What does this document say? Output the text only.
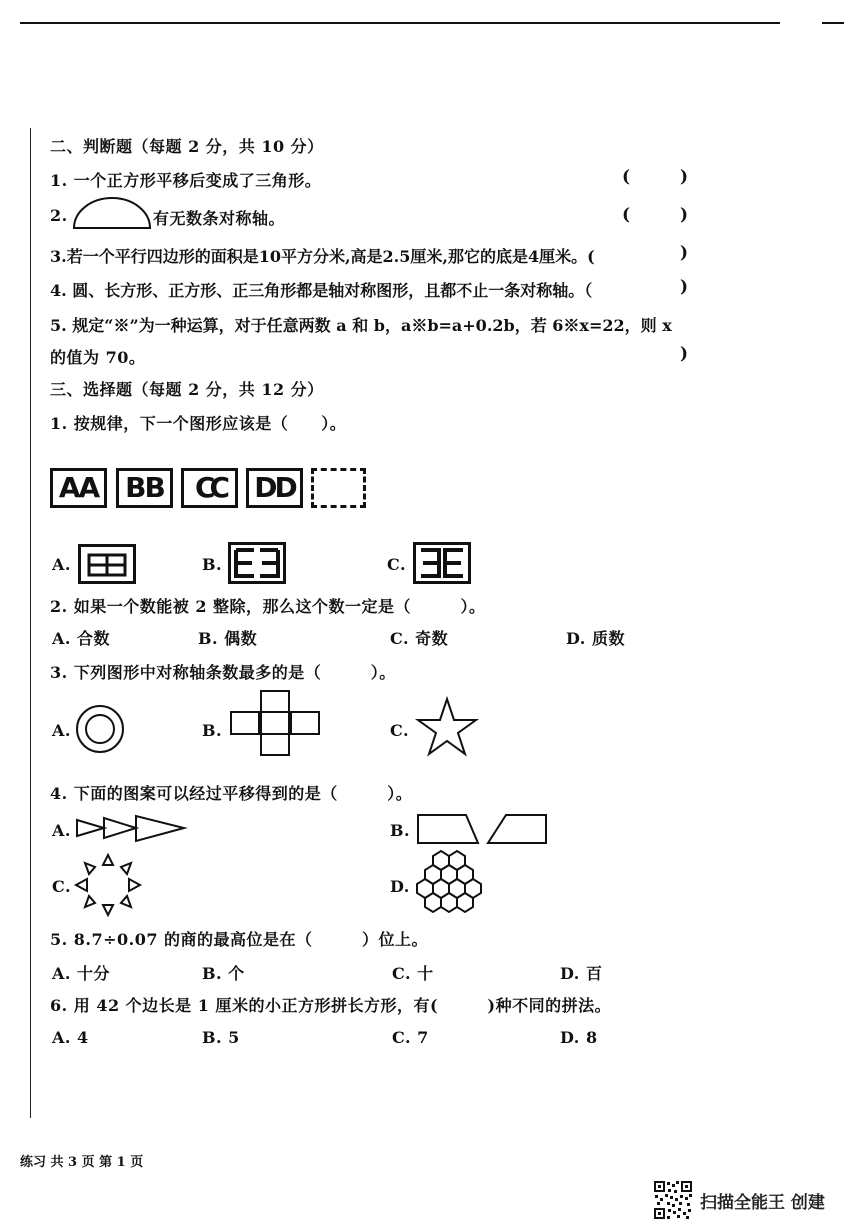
二、判断题（每题 2 分，共 10 分）
1. 一个正方形平移后变成了三角形。	(	)
2.	有无数条对称轴。	(	)
3.若一个平行四边形的面积是10平方分米,高是2.5厘米,那它的底是4厘米。(	)
4. 圆、长方形、正方形、正三角形都是轴对称图形，且都不止一条对称轴。（	)
5. 规定“※”为一种运算，对于任意两数 a 和 b，a※b=a+0.2b，若 6※x=22，则 x
的值为 70。	)
三、选择题（每题 2 分，共 12 分）
1. 按规律，下一个图形应该是（　　）。
AA BB	CC	DD
A.	B.	C.
2. 如果一个数能被 2 整除，那么这个数一定是（　　　）。
A. 合数	B. 偶数	C. 奇数	D. 质数
3. 下列图形中对称轴条数最多的是（　　　）。
A.	B.	C.
4. 下面的图案可以经过平移得到的是（　　　）。
A.	B.
C.	D.
5. 8.7÷0.07 的商的最高位是在（　　　）位上。
A. 十分	B. 个	C. 十	D. 百
6. 用 42 个边长是 1 厘米的小正方形拼长方形，有(　　　)种不同的拼法。
A. 4	B. 5	C. 7	D. 8
练习 共 3 页 第 1 页
扫描全能王 创建
